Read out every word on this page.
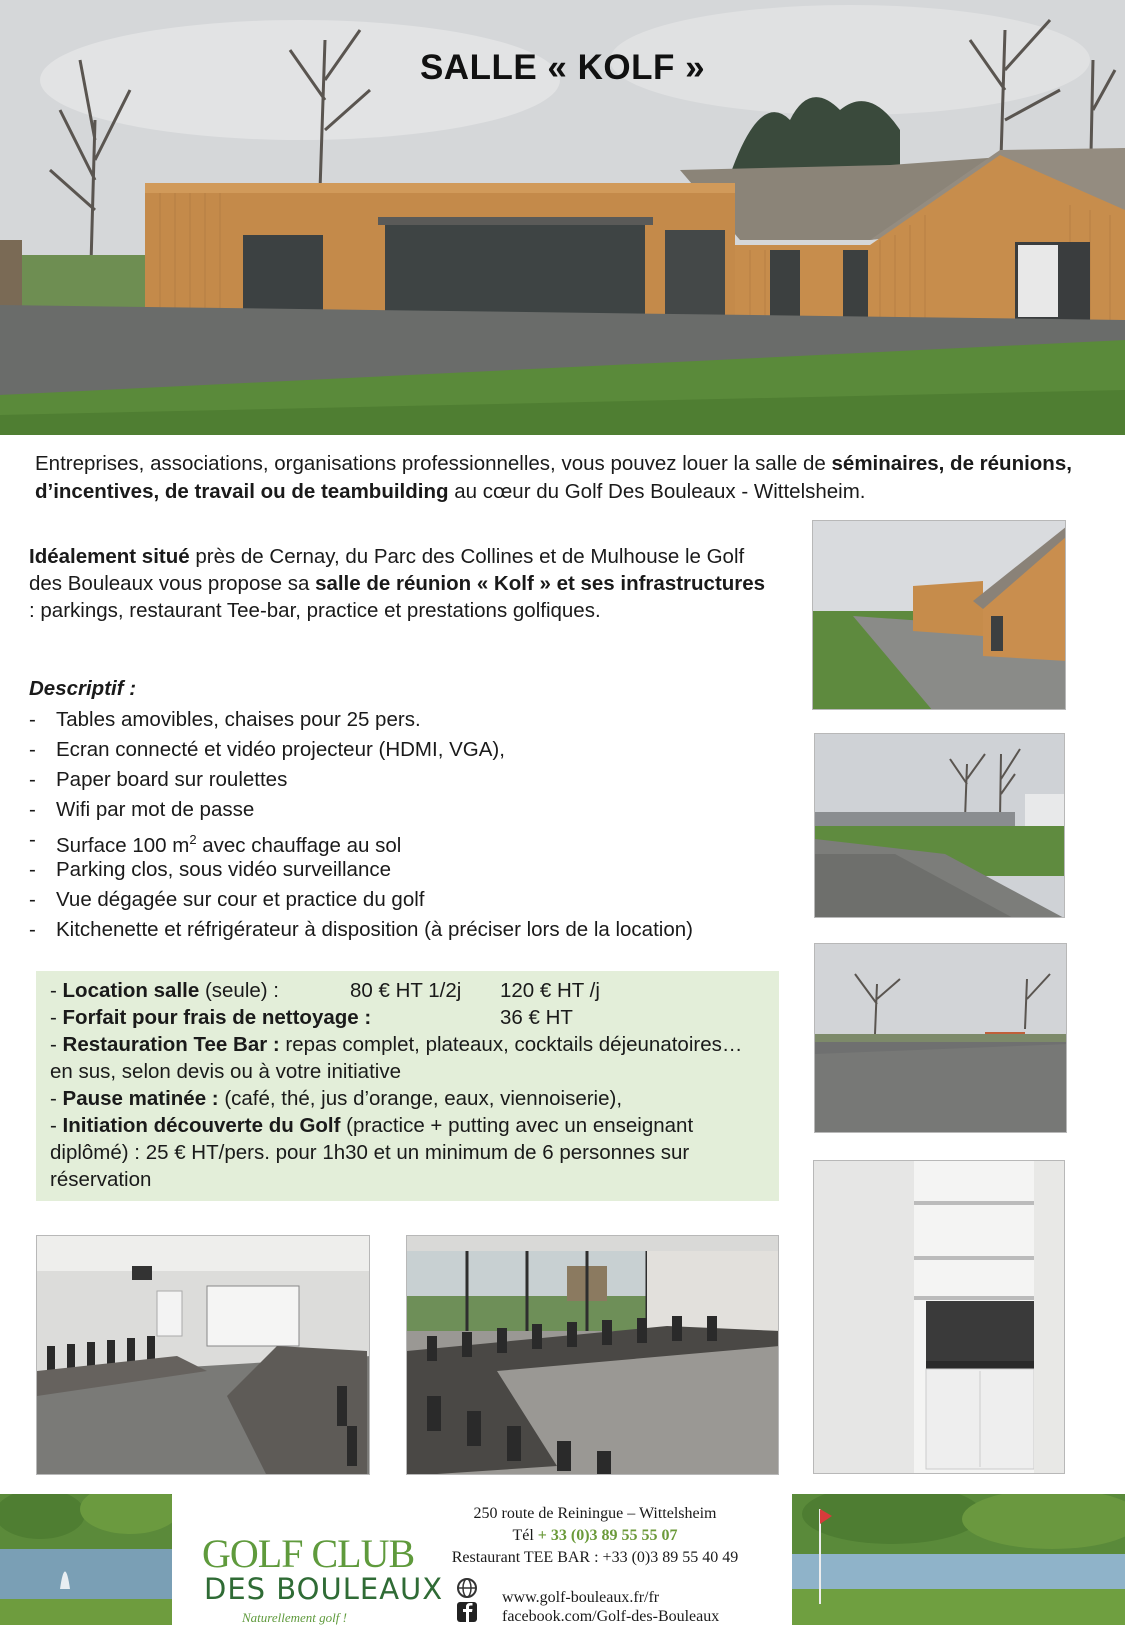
SALLE « KOLF »

Entreprises, associations, organisations professionnelles, vous pouvez louer la salle de séminaires, de réunions, d’incentives, de travail ou de teambuilding au cœur du Golf Des Bouleaux - Wittelsheim.

Idéalement situé près de Cernay, du Parc des Collines et de Mulhouse le Golf des Bouleaux vous propose sa salle de réunion « Kolf » et ses infrastructures : parkings, restaurant Tee-bar, practice et prestations golfiques.

Descriptif :
- Tables amovibles, chaises pour 25 pers.
- Ecran connecté et vidéo projecteur (HDMI, VGA),
- Paper board sur roulettes
- Wifi par mot de passe
- Surface 100 $m^2$ avec chauffage au sol
- Parking clos, sous vidéo surveillance
- Vue dégagée sur cour et practice du golf
- Kitchenette et réfrigérateur à disposition (à préciser lors de la location)
- Location salle (seule) :	80 € HT 1/2j	120 € HT /j
- Forfait pour frais de nettoyage :	36 € HT
- Restauration Tee Bar : repas complet, plateaux, cocktails déjeunatoires… en sus, selon devis ou à votre initiative
- Pause matinée : (café, thé, jus d’orange, eaux, viennoiserie),
- Initiation découverte du Golf (practice + putting avec un enseignant diplômé) : 25 € HT/pers. pour 1h30 et un minimum de 6 personnes sur réservation
GOLF CLUB
DES BOULEAUX
Naturellement golf !
250 route de Reiningue – Wittelsheim
Tél + 33 (0)3 89 55 55 07
Restaurant TEE BAR : +33 (0)3 89 55 40 49
www.golf-bouleaux.fr/fr
facebook.com/Golf-des-Bouleaux
